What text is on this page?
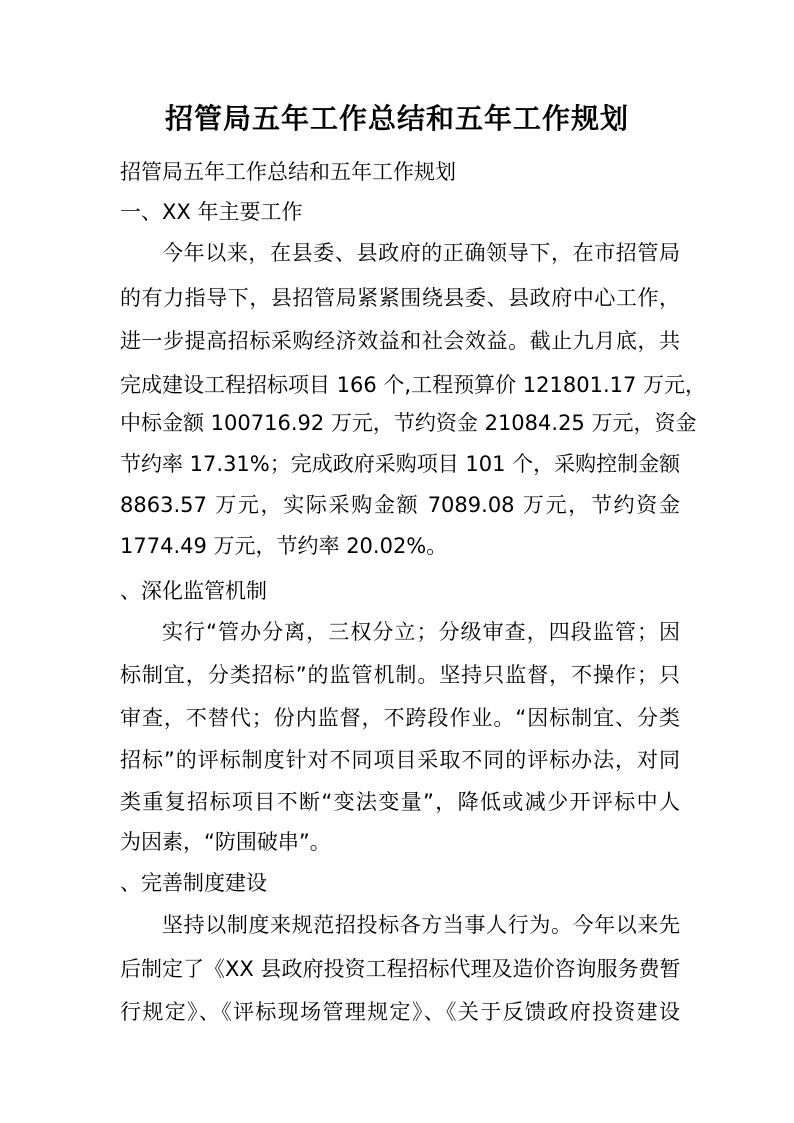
招管局五年工作总结和五年工作规划
招管局五年工作总结和五年工作规划
一、XX 年主要工作
今年以来，在县委、县政府的正确领导下，在市招管局
的有力指导下，县招管局紧紧围绕县委、县政府中心工作，
进一步提高招标采购经济效益和社会效益。截止九月底，共
完成建设工程招标项目 166 个,工程预算价 121801.17 万元，
中标金额 100716.92 万元，节约资金 21084.25 万元，资金
节约率 17.31%；完成政府采购项目 101 个，采购控制金额
8863.57 万元，实际采购金额 7089.08 万元，节约资金
1774.49 万元，节约率 20.02%。
、深化监管机制
实行“管办分离，三权分立；分级审查，四段监管；因
标制宜，分类招标”的监管机制。坚持只监督，不操作；只
审查，不替代；份内监督，不跨段作业。“因标制宜、分类
招标”的评标制度针对不同项目采取不同的评标办法，对同
类重复招标项目不断“变法变量”，降低或减少开评标中人
为因素，“防围破串”。
、完善制度建设
坚持以制度来规范招投标各方当事人行为。今年以来先
后制定了《XX 县政府投资工程招标代理及造价咨询服务费暂
行规定》、《评标现场管理规定》、《关于反馈政府投资建设
